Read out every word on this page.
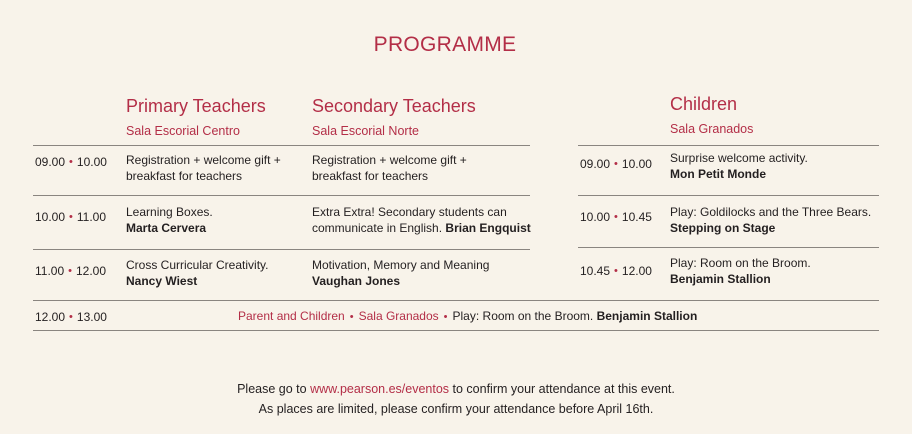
PROGRAMME
Primary Teachers
Sala Escorial Centro
Secondary Teachers
Sala Escorial Norte
Children
Sala Granados
09.00 • 10.00 Registration + welcome gift +
breakfast for teachers
Registration + welcome gift +
breakfast for teachers
10.00 • 11.00 Learning Boxes.
Marta Cervera
Extra Extra! Secondary students can
communicate in English. Brian Engquist
11.00 • 12.00 Cross Curricular Creativity.
Nancy Wiest
Motivation, Memory and Meaning
Vaughan Jones
09.00 • 10.00 Surprise welcome activity.
Mon Petit Monde
10.00 • 10.45 Play: Goldilocks and the Three Bears.
Stepping on Stage
10.45 • 12.00
Play: Room on the Broom.
Benjamin Stallion
12.00 • 13.00	Parent and Children • Sala Granados • Play: Room on the Broom. Benjamin Stallion
Please go to www.pearson.es/eventos to confirm your attendance at this event.
As places are limited, please confirm your attendance before April 16th.
